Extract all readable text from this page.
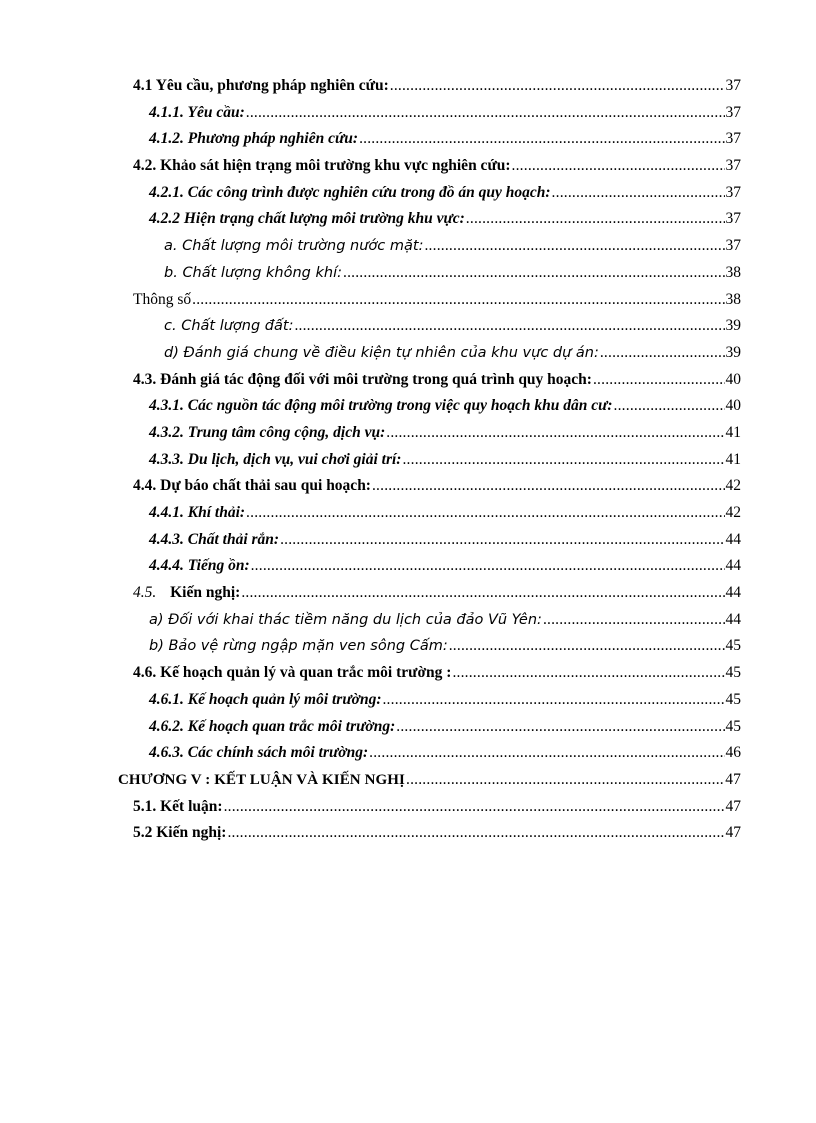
4.1 Yêu cầu, phương pháp nghiên cứu: .....	37
4.1.1. Yêu cầu: .....	37
4.1.2. Phương pháp nghiên cứu: .....	37
4.2. Khảo sát hiện trạng môi trường khu vực nghiên cứu: .....	37
4.2.1. Các công trình được nghiên cứu trong đồ án quy hoạch: .....	37
4.2.2 Hiện trạng chất lượng môi trường khu vực: .....	37
a. Chất lượng môi trường nước mặt: .....	37
b. Chất lượng không khí: .....	38
Thông số .....	38
c. Chất lượng đất: .....	39
d) Đánh giá chung về điều kiện tự nhiên của khu vực dự án: .....	39
4.3. Đánh giá tác động đối với môi trường trong quá trình quy hoạch: .....	40
4.3.1. Các nguồn tác động môi trường trong việc quy hoạch khu dân cư: .....	40
4.3.2. Trung tâm công cộng, dịch vụ: .....	41
4.3.3. Du lịch, dịch vụ, vui chơi giải trí: .....	41
4.4. Dự báo chất thải sau qui hoạch: .....	42
4.4.1. Khí thải: .....	42
4.4.3. Chất thải rắn: .....	44
4.4.4. Tiếng ồn: .....	44
4.5. Kiến nghị: .....	44
a) Đối với khai thác tiềm năng du lịch của đảo Vũ Yên: .....	44
b) Bảo vệ rừng ngập mặn ven sông Cấm: .....	45
4.6. Kế hoạch quản lý và quan trắc môi trường : .....	45
4.6.1. Kế hoạch quản lý môi trường: .....	45
4.6.2. Kế hoạch quan trắc môi trường: .....	45
4.6.3. Các chính sách môi trường: .....	46
CHƯƠNG V : KẾT LUẬN VÀ KIẾN NGHỊ .....	47
5.1. Kết luận: .....	47
5.2 Kiến nghị: .....	47
